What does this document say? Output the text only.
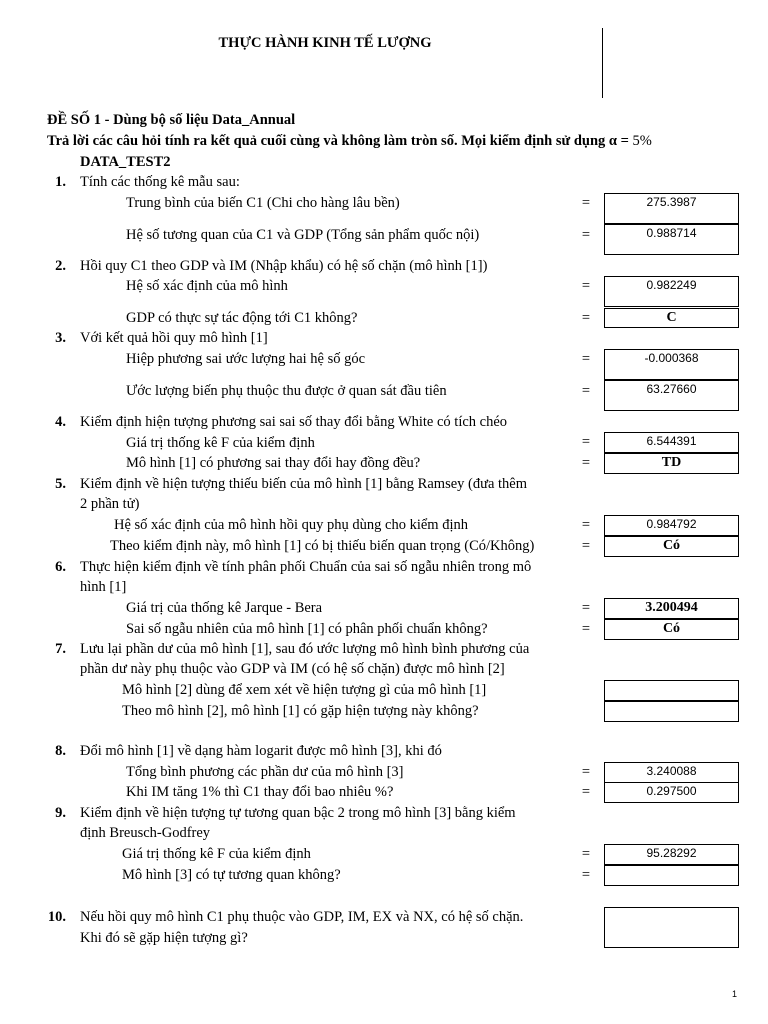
THỰC HÀNH KINH TẾ LƯỢNG
ĐỀ SỐ 1 - Dùng bộ số liệu Data_Annual
Trả lời các câu hỏi tính ra kết quả cuối cùng và không làm tròn số. Mọi kiểm định sử dụng α = 5%
DATA_TEST2
1. Tính các thống kê mẫu sau:
Trung bình của biến C1 (Chi cho hàng lâu bền)	=	275.3987
Hệ số tương quan của C1 và GDP (Tổng sản phẩm quốc nội)	=	0.988714
2. Hồi quy C1 theo GDP và IM (Nhập khẩu) có hệ số chặn (mô hình [1])
Hệ số xác định của mô hình	=	0.982249
GDP có thực sự tác động tới C1 không?	=	C
3. Với kết quả hồi quy mô hình [1]
Hiệp phương sai ước lượng hai hệ số góc	=	-0.000368
Ước lượng biến phụ thuộc thu được ở quan sát đầu tiên	=	63.27660
4. Kiểm định hiện tượng phương sai sai số thay đổi bằng White có tích chéo
Giá trị thống kê F của kiểm định	=	6.544391
Mô hình [1] có phương sai thay đổi hay đồng đều?	=	TD
5. Kiểm định về hiện tượng thiếu biến của mô hình [1] bằng Ramsey (đưa thêm
2 phần tử)
Hệ số xác định của mô hình hồi quy phụ dùng cho kiểm định	=	0.984792
Theo kiểm định này, mô hình [1] có bị thiếu biến quan trọng (Có/Không)	=	Có
6. Thực hiện kiểm định về tính phân phối Chuẩn của sai số ngẫu nhiên trong mô
hình [1]
Giá trị của thống kê Jarque - Bera	=	3.200494
Sai số ngẫu nhiên của mô hình [1] có phân phối chuẩn không?	=	Có
7. Lưu lại phần dư của mô hình [1], sau đó ước lượng mô hình bình phương của
phần dư này phụ thuộc vào GDP và IM (có hệ số chặn) được mô hình [2]
Mô hình [2] dùng để xem xét về hiện tượng gì của mô hình [1]
Theo mô hình [2], mô hình [1] có gặp hiện tượng này không?
8. Đổi mô hình [1] về dạng hàm logarit được mô hình [3], khi đó
Tổng bình phương các phần dư của mô hình [3]	=	3.240088
Khi IM tăng 1% thì C1 thay đổi bao nhiêu %?	=	0.297500
9. Kiểm định về hiện tượng tự tương quan bậc 2 trong mô hình [3] bằng kiểm
định Breusch-Godfrey
Giá trị thống kê F của kiểm định	=	95.28292
Mô hình [3] có tự tương quan không?	=
10. Nếu hồi quy mô hình C1 phụ thuộc vào GDP, IM, EX và NX, có hệ số chặn.
Khi đó sẽ gặp hiện tượng gì?
1
